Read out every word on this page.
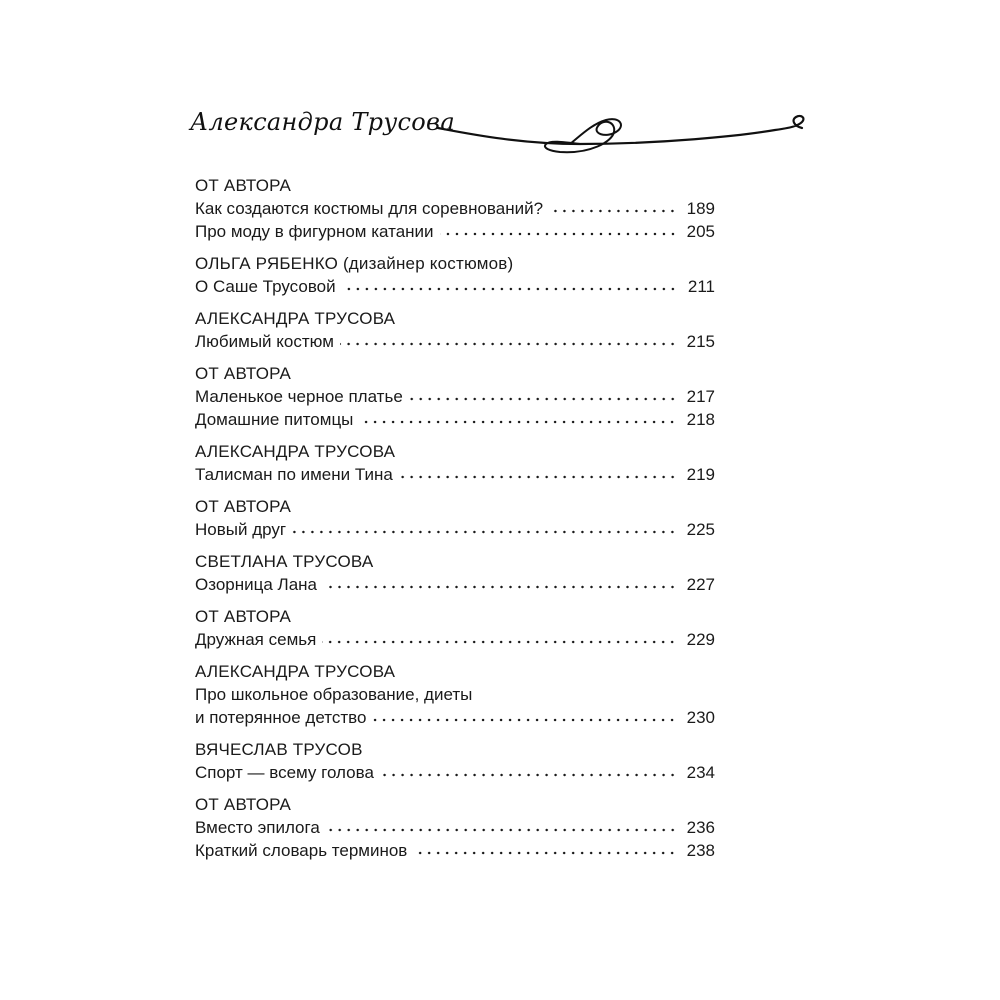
Александра Трусова
ОТ АВТОРА
Как создаются костюмы для соревнований?	189
Про моду в фигурном катании	205
ОЛЬГА РЯБЕНКО (дизайнер костюмов)
О Саше Трусовой	211
АЛЕКСАНДРА ТРУСОВА
Любимый костюм	215
ОТ АВТОРА
Маленькое черное платье	217
Домашние питомцы	218
АЛЕКСАНДРА ТРУСОВА
Талисман по имени Тина	219
ОТ АВТОРА
Новый друг	225
СВЕТЛАНА ТРУСОВА
Озорница Лана	227
ОТ АВТОРА
Дружная семья	229
АЛЕКСАНДРА ТРУСОВА
Про школьное образование, диеты
и потерянное детство	230
ВЯЧЕСЛАВ ТРУСОВ
Спорт — всему голова	234
ОТ АВТОРА
Вместо эпилога	236
Краткий словарь терминов	238
